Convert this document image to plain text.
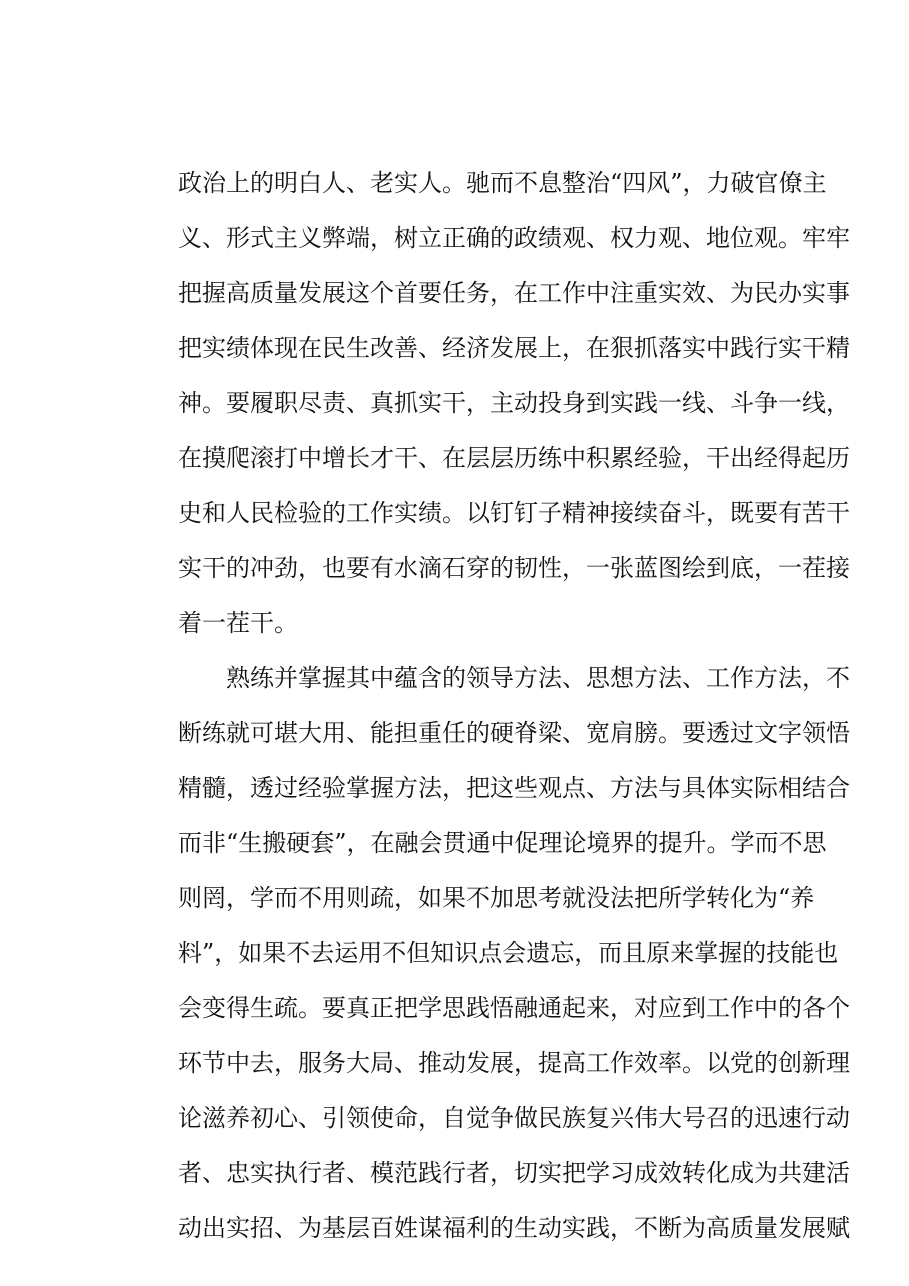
政治上的明白人、老实人。驰而不息整治“四风”，力破官僚主
义、形式主义弊端，树立正确的政绩观、权力观、地位观。牢牢
把握高质量发展这个首要任务，在工作中注重实效、为民办实事
把实绩体现在民生改善、经济发展上，在狠抓落实中践行实干精
神。要履职尽责、真抓实干，主动投身到实践一线、斗争一线，
在摸爬滚打中增长才干、在层层历练中积累经验，干出经得起历
史和人民检验的工作实绩。以钉钉子精神接续奋斗，既要有苦干
实干的冲劲，也要有水滴石穿的韧性，一张蓝图绘到底，一茬接
着一茬干。
熟练并掌握其中蕴含的领导方法、思想方法、工作方法，不
断练就可堪大用、能担重任的硬脊梁、宽肩膀。要透过文字领悟
精髓，透过经验掌握方法，把这些观点、方法与具体实际相结合
而非“生搬硬套”，在融会贯通中促理论境界的提升。学而不思
则罔，学而不用则疏，如果不加思考就没法把所学转化为“养
料”，如果不去运用不但知识点会遗忘，而且原来掌握的技能也
会变得生疏。要真正把学思践悟融通起来，对应到工作中的各个
环节中去，服务大局、推动发展，提高工作效率。以党的创新理
论滋养初心、引领使命，自觉争做民族复兴伟大号召的迅速行动
者、忠实执行者、模范践行者，切实把学习成效转化成为共建活
动出实招、为基层百姓谋福利的生动实践，不断为高质量发展赋
